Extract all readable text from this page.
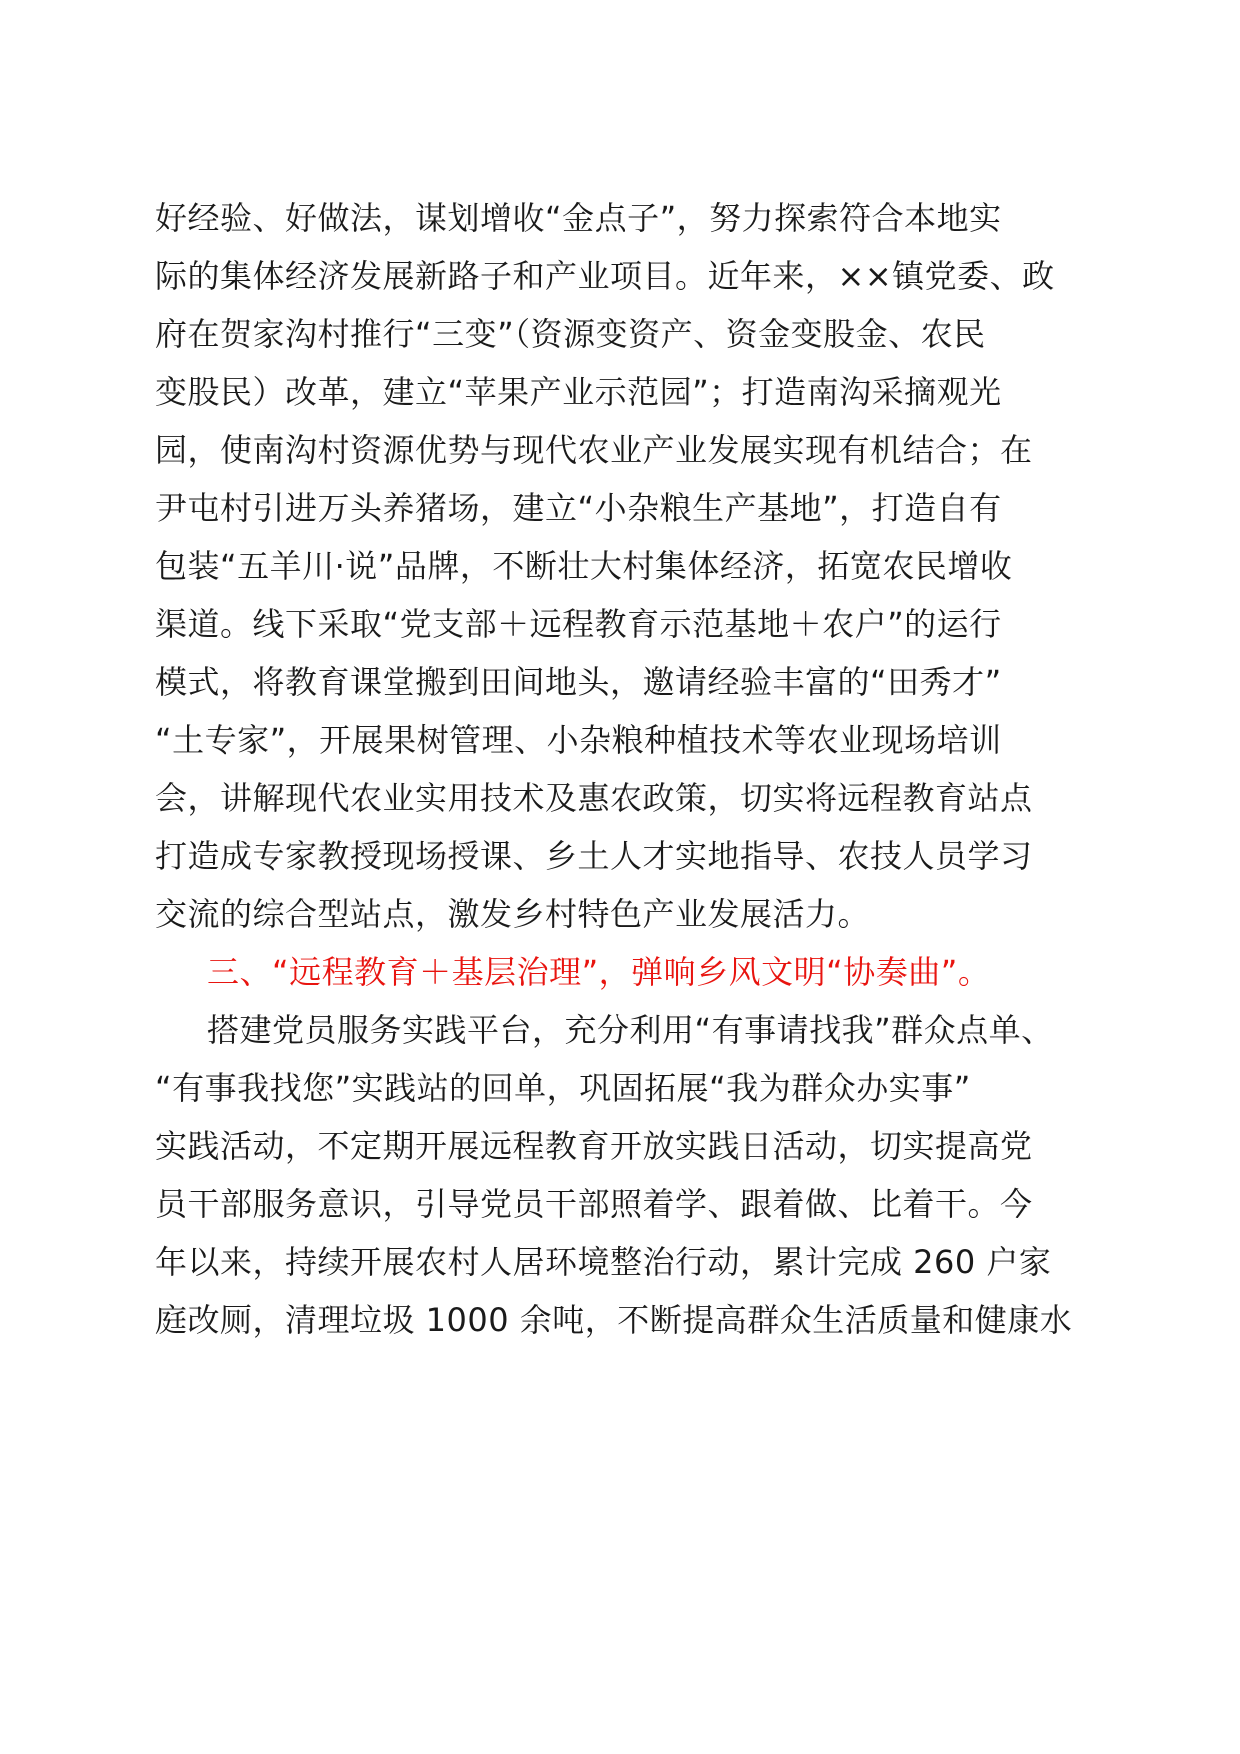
好经验、好做法，谋划增收“金点子”，努力探索符合本地实
际的集体经济发展新路子和产业项目。近年来，××镇党委、政
府在贺家沟村推行“三变”（资源变资产、资金变股金、农民
变股民）改革，建立“苹果产业示范园”；打造南沟采摘观光
园，使南沟村资源优势与现代农业产业发展实现有机结合；在
尹屯村引进万头养猪场，建立“小杂粮生产基地”，打造自有
包装“五羊川·说”品牌，不断壮大村集体经济，拓宽农民增收
渠道。线下采取“党支部＋远程教育示范基地＋农户”的运行
模式，将教育课堂搬到田间地头，邀请经验丰富的“田秀才”
“土专家”，开展果树管理、小杂粮种植技术等农业现场培训
会，讲解现代农业实用技术及惠农政策，切实将远程教育站点
打造成专家教授现场授课、乡土人才实地指导、农技人员学习
交流的综合型站点，激发乡村特色产业发展活力。
三、“远程教育＋基层治理”，弹响乡风文明“协奏曲”。
搭建党员服务实践平台，充分利用“有事请找我”群众点单、
“有事我找您”实践站的回单，巩固拓展“我为群众办实事”
实践活动，不定期开展远程教育开放实践日活动，切实提高党
员干部服务意识，引导党员干部照着学、跟着做、比着干。今
年以来，持续开展农村人居环境整治行动，累计完成 260 户家
庭改厕，清理垃圾 1000 余吨，不断提高群众生活质量和健康水
